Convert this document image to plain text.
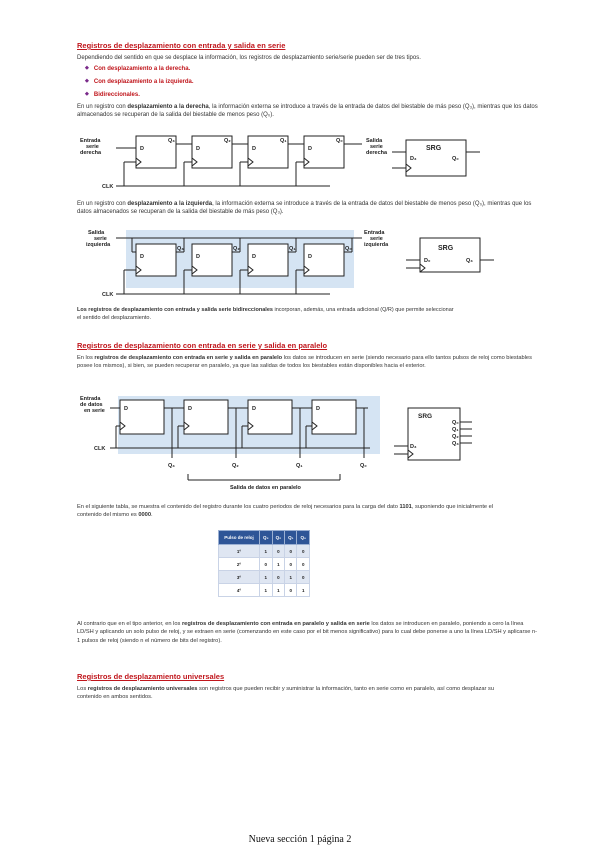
Registros de desplazamiento con entrada y salida en serie
Dependiendo del sentido en que se desplace la información, los registros de desplazamiento serie/serie pueden ser de tres tipos.
◆ Con desplazamiento a la derecha.
◆ Con desplazamiento a la izquierda.
◆ Bidireccionales.
En un registro con desplazamiento a la derecha, la información externa se introduce a través de la entrada de datos del biestable de más peso (Q₃), mientras que los datos almacenados se recuperan de la salida del biestable de menos peso (Q₀).
Entrada
serie
derecha
Salida
serie
derecha
CLK
D	D	D	D
Q₃	Q₂	Q₁	Q₀
SRG
D₃	Q₀
En un registro con desplazamiento a la izquierda, la información externa se introduce a través de la entrada de datos del biestable de menos peso (Q₀), mientras que los datos almacenados se recuperan de la salida del biestable de más peso (Q₃).
Salida
serie
izquierda
Entrada
serie
izquierda
CLK
D	D	D	D
Q₃	Q₂	Q₁	Q₀	SRG
D₀	Q₃
Los registros de desplazamiento con entrada y salida serie bidireccionales incorporan, además, una entrada adicional (Q/R) que permite seleccionar el sentido del desplazamiento.
Registros de desplazamiento con entrada en serie y salida en paralelo
En los registros de desplazamiento con entrada en serie y salida en paralelo los datos se introducen en serie (siendo necesario para ello tantos pulsos de reloj como biestables posee los mismos), si bien, se pueden recuperar en paralelo, ya que las salidas de todos los biestables están disponibles hacia el exterior.
Entrada
de datos
en serie
CLK
D	D	D	D
Q₃	Q₂	Q₁	Q₀
Salida de datos en paralelo
SRG
Q₀
Q₁
Q₂
Q₃
D₃
En el siguiente tabla, se muestra el contenido del registro durante los cuatro periodos de reloj necesarios para la carga del dato 1101, suponiendo que inicialmente el contenido del mismo es 0000.
Pulso de reloj	Q₃	Q₂	Q₁	Q₀
1º	1	0	0	0
2º	0	1	0	0
3º	1	0	1	0
4º	1	1	0	1
Al contrario que en el tipo anterior, en los registros de desplazamiento con entrada en paralelo y salida en serie los datos se introducen en paralelo, poniendo a cero la línea LD/SH y aplicando un solo pulso de reloj, y se extraen en serie (comenzando en este caso por el bit menos significativo) para lo cual debe ponerse a uno la línea LD/SH y aplicarse n-1 pulsos de reloj (siendo n el número de bits del registro).
Registros de desplazamiento universales
Los registros de desplazamiento universales son registros que pueden recibir y suministrar la información, tanto en serie como en paralelo, así como desplazar su contenido en ambos sentidos.
Nueva sección 1 página 2
